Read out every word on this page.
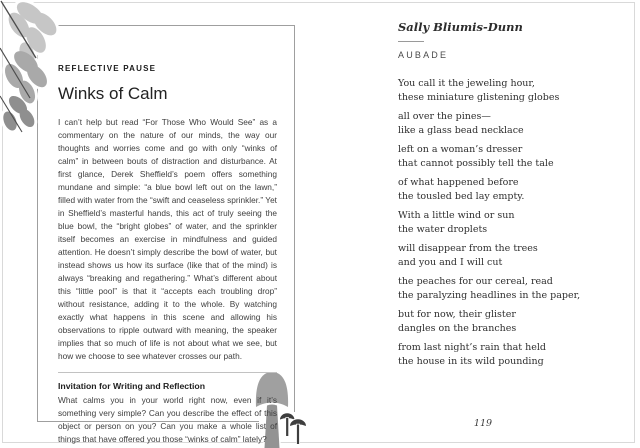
REFLECTIVE PAUSE
Winks of Calm
I can’t help but read “For Those Who Would See” as a commentary on the nature of our minds, the way our thoughts and worries come and go with only “winks of calm” in between bouts of distraction and disturbance. At first glance, Derek Sheffield’s poem offers something mundane and simple: “a blue bowl left out on the lawn,” filled with water from the “swift and ceaseless sprinkler.” Yet in Sheffield’s masterful hands, this act of truly seeing the blue bowl, the “bright globes” of water, and the sprinkler itself becomes an exercise in mindfulness and guided attention. He doesn’t simply describe the bowl of water, but instead shows us how its surface (like that of the mind) is always “breaking and regathering.” What’s different about this “little pool” is that it “accepts each troubling drop” without resistance, adding it to the whole. By watching exactly what happens in this scene and allowing his observations to ripple outward with meaning, the speaker implies that so much of life is not about what we see, but how we choose to see whatever crosses our path.
Invitation for Writing and Reflection
What calms you in your world right now, even if it’s something very simple? Can you describe the effect of this object or person on you? Can you make a whole list of things that have offered you those “winks of calm” lately?
Sally Bliumis-Dunn
AUBADE
You call it the jeweling hour,
these miniature glistening globes
all over the pines—
like a glass bead necklace
left on a woman’s dresser
that cannot possibly tell the tale
of what happened before
the tousled bed lay empty.
With a little wind or sun
the water droplets
will disappear from the trees
and you and I will cut
the peaches for our cereal, read
the paralyzing headlines in the paper,
but for now, their glister
dangles on the branches
from last night’s rain that held
the house in its wild pounding
119
